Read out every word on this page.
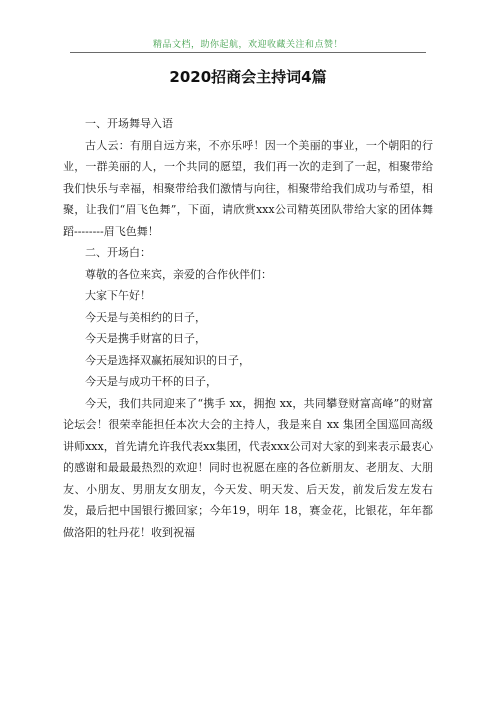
精品文档，助你起航，欢迎收藏关注和点赞！
2020招商会主持词4篇

一、开场舞导入语

古人云：有朋自远方来，不亦乐呼！因一个美丽的事业，一个朝阳的行业，一群美丽的人，一个共同的愿望，我们再一次的走到了一起，相聚带给我们快乐与幸福，相聚带给我们激情与向往，相聚带给我们成功与希望，相聚，让我们“眉飞色舞”，下面，请欣赏xxx公司精英团队带给大家的团体舞蹈--------眉飞色舞！

二、开场白：

尊敬的各位来宾，亲爱的合作伙伴们：

大家下午好！

今天是与美相约的日子，

今天是携手财富的日子，

今天是选择双赢拓展知识的日子，

今天是与成功干杯的日子，

今天，我们共同迎来了“携手 xx，拥抱 xx，共同攀登财富高峰”的财富论坛会！很荣幸能担任本次大会的主持人，我是来自 xx 集团全国巡回高级讲师xxx，首先请允许我代表xx集团，代表xxx公司对大家的到来表示最衷心的感谢和最最最热烈的欢迎！同时也祝愿在座的各位新朋友、老朋友、大朋友、小朋友、男朋友女朋友，今天发、明天发、后天发，前发后发左发右发，最后把中国银行搬回家；今年19，明年 18，赛金花，比银花，年年都做洛阳的牡丹花！收到祝福
